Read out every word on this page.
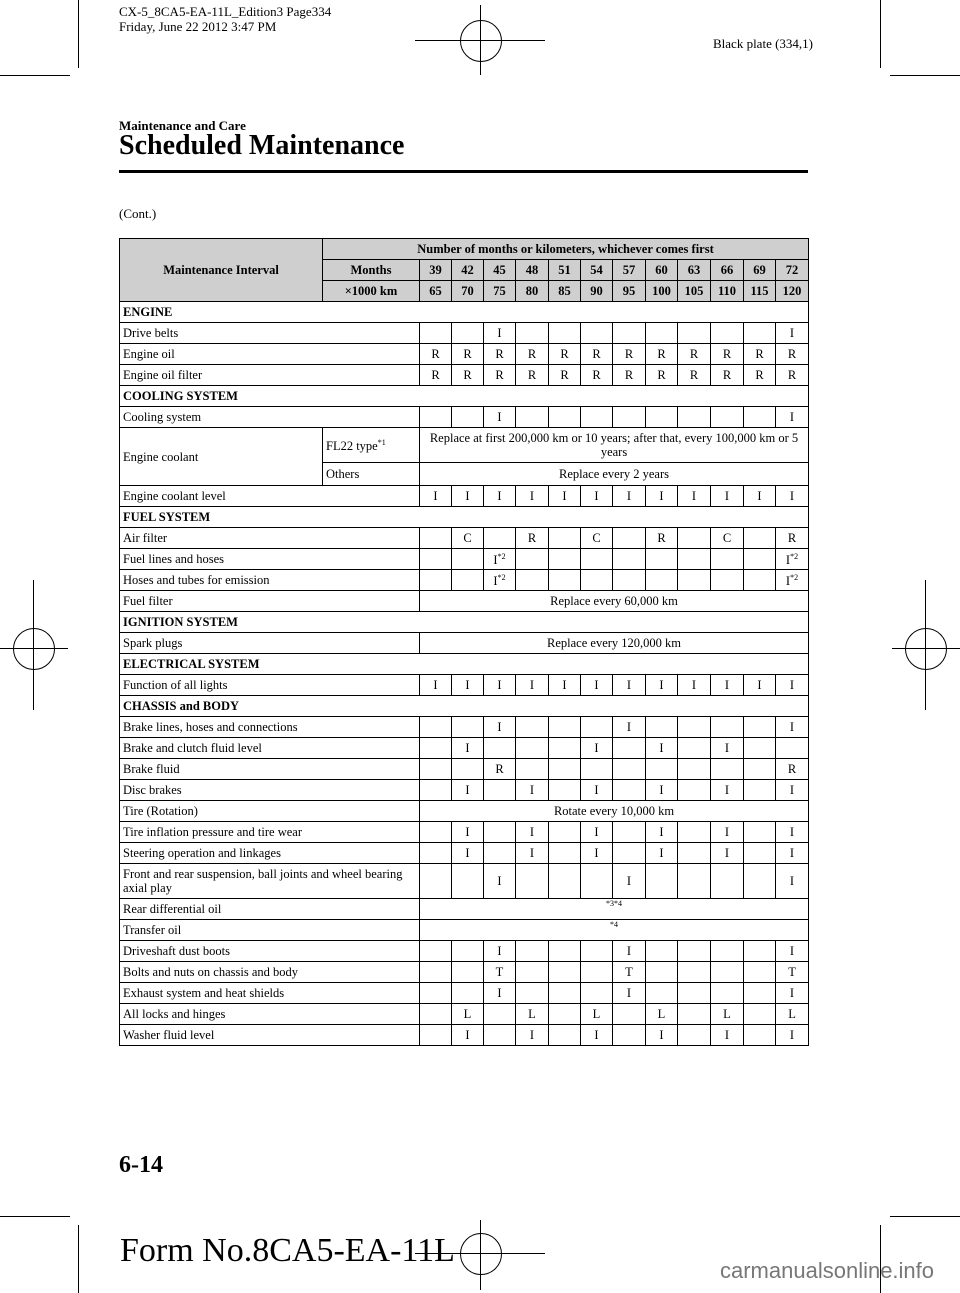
CX-5_8CA5-EA-11L_Edition3 Page334
Friday, June 22 2012 3:47 PM
Black plate (334,1)
Maintenance and Care
Scheduled Maintenance
(Cont.)
Maintenance Interval	Number of months or kilometers, whichever comes first												
	Months	39	42	45	48	51	54	57	60	63	66	69	72
	×1000 km	65	70	75	80	85	90	95	100	105	110	115	120
ENGINE													
Drive belts				I									I
Engine oil		R	R	R	R	R	R	R	R	R	R	R	R
Engine oil filter		R	R	R	R	R	R	R	R	R	R	R	R
COOLING SYSTEM													
Cooling system				I									I
Engine coolant	FL22 type$^{*1}$	Replace at first 200,000 km or 10 years; after that, every 100,000 km or 5 years											
	Others	Replace every 2 years											
Engine coolant level		I	I	I	I	I	I	I	I	I	I	I	I
FUEL SYSTEM													
Air filter			C		R		C		R		C		R
Fuel lines and hoses				$I^{*2}$									$I^{*2}$
Hoses and tubes for emission				$I^{*2}$									$I^{*2}$
Fuel filter		Replace every 60,000 km											
IGNITION SYSTEM													
Spark plugs		Replace every 120,000 km											
ELECTRICAL SYSTEM													
Function of all lights		I	I	I	I	I	I	I	I	I	I	I	I
CHASSIS and BODY													
Brake lines, hoses and connections				I				I					I
Brake and clutch fluid level			I				I		I		I		
Brake fluid				R									R
Disc brakes			I		I		I		I		I		I
Tire (Rotation)		Rotate every 10,000 km											
Tire inflation pressure and tire wear			I		I		I		I		I		I
Steering operation and linkages			I		I		I		I		I		I
Front and rear suspension, ball joints and wheel bearing axial play				I				I					I
Rear differential oil		*3*4											
Transfer oil		*4											
Driveshaft dust boots				I				I					I
Bolts and nuts on chassis and body				T				T					T
Exhaust system and heat shields				I				I					I
All locks and hinges			L		L		L		L		L		L
Washer fluid level			I		I		I		I		I		I
6-14
Form No.8CA5-EA-11L
carmanualsonline.info
